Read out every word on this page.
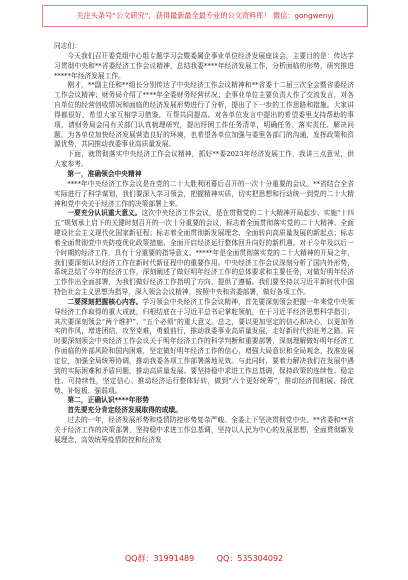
关注头条号“公文研究”，获得最新最全最专业的公文资料库！ 微信：gongwenyj

同志们：

今天我们召开委党组中心组专题学习会暨委属企事业单位经济发展座谈会，主要目的是：传达学习贯彻中央和**省委经济工作会议精神，总结我委****年经济发展工作，分析面临的形势，研究推进*****年经济发展工作。

刚才，**副主任和**组长分别传达了中央经济工作会议精神和**省委十二届三次全会暨省委经济工作会议精神；财务局介绍了****年全委财务经营状况；企事业单位主要负责人作了交流发言，对各自单位的经营创收情况和面临的经济发展形势进行了分析，提出了下一步的工作思路和措施。大家讲得都很好，希望大家互相学习借鉴，互帮共同提高。对各单位发言中提出的希望委里支持帮助的事项，请财务局会同有关部门认真梳理研究，提出纾困工作任务清单，明确任务、落实责任、解决问题，为各单位加快经济发展营造良好的环境，也希望各单位加强与委里各部门的沟通，发挥政策和资源优势，共同推动我委事业高质量发展。

下面，就贯彻落实中央经济工作会议精神，抓好**委2023年经济发展工作，我讲三点意见，供大家参考。

第一，准确领会中央精神

****年中央经济工作会议是在党的二十大胜利闭幕后召开的一次十分重要的会议。**省结合全省实际进行了科学谋划，我们要深入学习领会，把握精神实质，切实把思想和行动统一到党的二十大精神和党中央关于经济工作的决策部署上来。

一要充分认识重大意义。这次中央经济工作会议，是在贯彻党的二十大精神开局起步、实施“十四五”规划承上启下的关键时刻召开的一次十分重要的会议，标志着全面贯彻落实党的二十大精神、全面建设社会主义现代化国家新征程；标志着全面贯彻新发展理念、全面转向高质量发展的新起点；标志着全面贯彻党中央防疫优化政策措施、全面开启经济运行整体回升向好的新机遇。对于今年及以后一个时期的经济工作，具有十分重要的指导意义。*****年是全面贯彻落实党的二十大精神的开局之年，我们要深刻认识经济工作在新时代新征程中的重要作用。中央经济工作会议深刻分析了国内外形势，系统总结了今年的经济工作，深刻阐述了做好明年经济工作的总体要求和主要任务，对做好明年经济工作作出全面部署，为我们做好经济工作指明了方向、提供了遵循。我们要坚持以习近平新时代中国特色社会主义思想为指导，深入领会会议精神，按照中央和省委部署，做好各项工作。

二要深刻把握核心内容。学习领会中央经济工作会议精神，首先要深刻领会把握一年来党中央领导经济工作取得的重大成就，归根结底在于习近平总书记掌舵领航，在于习近平经济思想科学指引；其次要深刻领会“两个维护”、“五个必须”的重大意义。总之，要以更加坚定的信心和决心，以更加务实的作风，增进团结，攻坚克难，勇毅前行，推动我委事业高质量发展，走好新时代的赶考之路。同时要深刻领会中央经济工作会议关于明年经济工作的科学判断和重要部署，深刻理解做好明年经济工作面临的外部风险和国内困难，坚定做好明年经济工作的信心，增强大局意识和全局观念，找准发展定位，加强全局统筹协调，推动我委各项工作部署落地见效。与此同时，要着力解决我们在发展中遇到的实际困难和矛盾问题，推动高质量发展。要坚持稳中求进工作总基调，保持政策的连续性、稳定性、可持续性，坚定信心、推动经济运行整体好转，做到“六个更好统筹”，推动经济园相展、扬优势、补短板、强弱项。

第二，正确认识****年形势

首先要充分肯定经济发展取得的成绩。

过去的一年，经济发展形势和疫情防控形势复杂严峻。全委上下坚决贯彻党中央、**省委和**省关于经济工作的决策部署，坚持稳中求进工作总基调，坚持以人民为中心的发展思想，全面贯彻新发展理念，高效统筹疫情防控和经济发

QQ群：31991489	QQ：535304092
